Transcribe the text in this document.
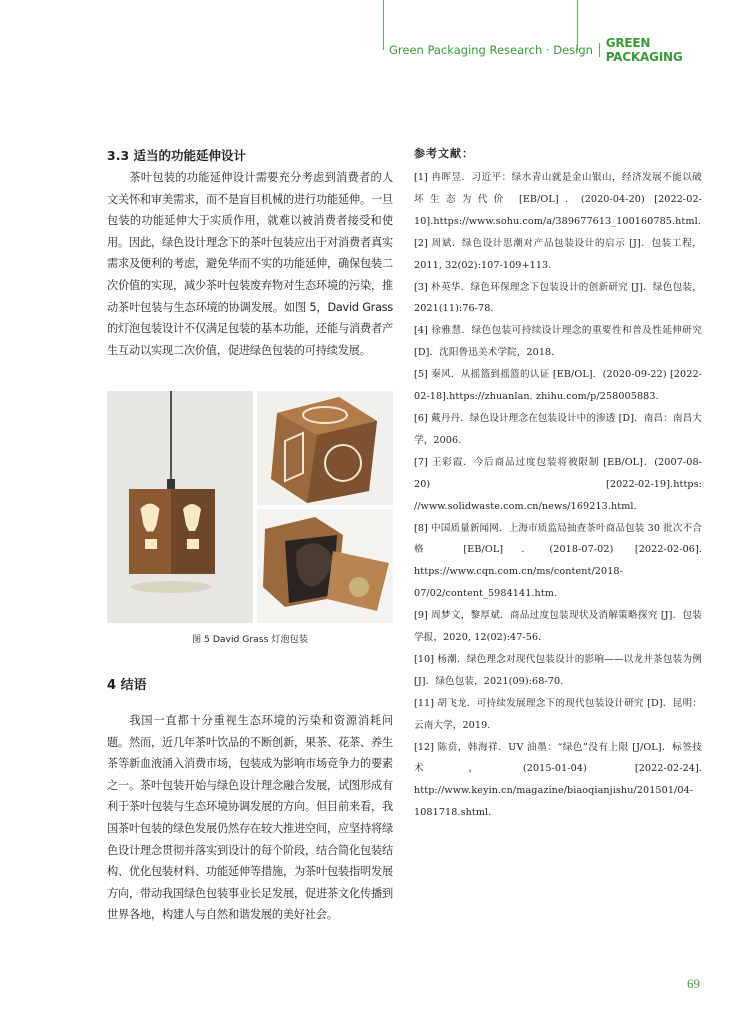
Green Packaging Research · Design GREEN PACKAGING
3.3 适当的功能延伸设计

茶叶包装的功能延伸设计需要充分考虑到消费者的人文关怀和审美需求，而不是盲目机械的进行功能延伸。一旦包装的功能延伸大于实质作用，就难以被消费者接受和使用。因此，绿色设计理念下的茶叶包装应出于对消费者真实需求及便利的考虑，避免华而不实的功能延伸，确保包装二次价值的实现，减少茶叶包装废弃物对生态环境的污染，推动茶叶包装与生态环境的协调发展。如图 5，David Grass 的灯泡包装设计不仅满足包装的基本功能，还能与消费者产生互动以实现二次价值，促进绿色包装的可持续发展。

图 5 David Grass 灯泡包装
4 结语

我国一直都十分重视生态环境的污染和资源消耗问题。然而，近几年茶叶饮品的不断创新，果茶、花茶、养生茶等新血液涌入消费市场，包装成为影响市场竞争力的要素之一。茶叶包装开始与绿色设计理念融合发展，试图形成有利于茶叶包装与生态环境协调发展的方向。但目前来看，我国茶叶包装的绿色发展仍然存在较大推进空间，应坚持将绿色设计理念贯彻并落实到设计的每个阶段，结合简化包装结构、优化包装材料、功能延伸等措施，为茶叶包装指明发展方向，带动我国绿色包装事业长足发展，促进茶文化传播到世界各地，构建人与自然和谐发展的美好社会。

参考文献：

[1] 冉晖昱．习近平：绿水青山就是金山银山，经济发展不能以破坏生态为代价 [EB/OL]．(2020-04-20) [2022-02-10].https://www.sohu.com/a/389677613_100160785.html.

[2] 周斌．绿色设计思潮对产品包装设计的启示 [J]．包装工程，2011, 32(02):107-109+113.

[3] 朴英华．绿色环保理念下包装设计的创新研究 [J]．绿色包装，2021(11):76-78.

[4] 徐雅慧．绿色包装可持续设计理念的重要性和普及性延伸研究 [D]．沈阳鲁迅美术学院，2018.

[5] 秦风．从摇篮到摇篮的认证 [EB/OL]．(2020-09-22) [2022-02-18].https://zhuanlan. zhihu.com/p/258005883.

[6] 戴丹丹．绿色设计理念在包装设计中的渗透 [D]．南昌：南昌大学，2006.

[7] 王彩霞．今后商品过度包装将被限制 [EB/OL]．(2007-08-20) [2022-02-19].https: //www.solidwaste.com.cn/news/169213.html.

[8] 中国质量新闻网．上海市质监局抽查茶叶商品包装 30 批次不合格 [EB/OL]．(2018-07-02) [2022-02-06]. https://www.cqn.com.cn/ms/content/2018-07/02/content_5984141.htm.

[9] 周梦文，黎厚斌．商品过度包装现状及消解策略探究 [J]．包装学报，2020, 12(02):47-56.

[10] 杨潮．绿色理念对现代包装设计的影响——以龙井茶包装为例 [J]．绿色包装，2021(09):68-70.

[11] 胡飞龙．可持续发展理念下的现代包装设计研究 [D]．昆明：云南大学，2019.

[12] 陈贲，韩海祥．UV 油墨：“绿色”没有上限 [J/OL]．标签技术，(2015-01-04) [2022-02-24]. http://www.keyin.cn/magazine/biaoqianjishu/201501/04-1081718.shtml.

69
